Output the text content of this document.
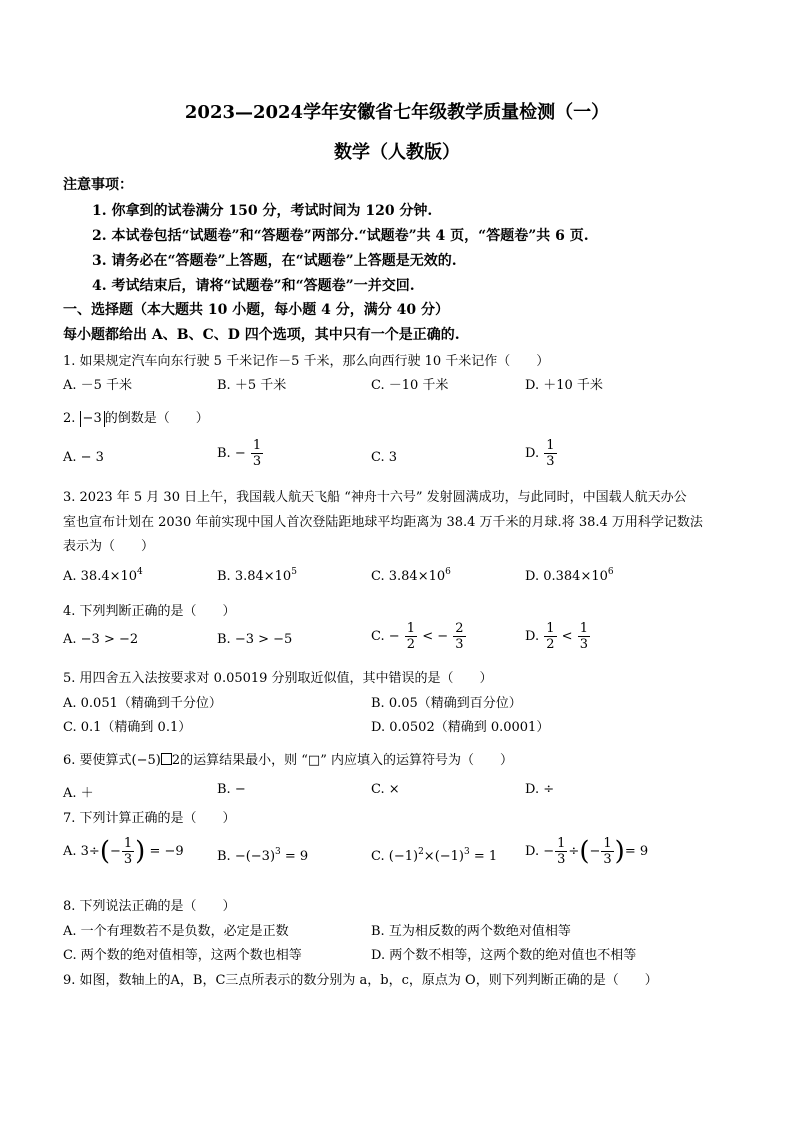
2023—2024学年安徽省七年级教学质量检测（一）
数学（人教版）
注意事项：
1. 你拿到的试卷满分 150 分，考试时间为 120 分钟.
2. 本试卷包括“试题卷”和“答题卷”两部分.“试题卷”共 4 页，“答题卷”共 6 页.
3. 请务必在“答题卷”上答题，在“试题卷”上答题是无效的.
4. 考试结束后，请将“试题卷”和“答题卷”一并交回.
一、选择题（本大题共 10 小题，每小题 4 分，满分 40 分）
每小题都给出 A、B、C、D 四个选项，其中只有一个是正确的.
1. 如果规定汽车向东行驶 5 千米记作－5 千米，那么向西行驶 10 千米记作（　　）
A. －5 千米	B. ＋5 千米	C. －10 千米	D. ＋10 千米
2. −3 的倒数是（　　）
A. − 3	B. − $\frac{1}{3}$	C. 3	D. $\frac{1}{3}$
3. 2023 年 5 月 30 日上午，我国载人航天飞船 “神舟十六号” 发射圆满成功，与此同时，中国载人航天办公
室也宣布计划在 2030 年前实现中国人首次登陆距地球平均距离为 38.4 万千米的月球.将 38.4 万用科学记数法
表示为（　　）
A. $38.4\times 10^4$	B. $3.84\times 10^5$	C. $3.84\times 10^6$	D. $0.384\times 10^6$
4. 下列判断正确的是（　　）
A. −3 > −2	B. −3 > −5	C. − $\frac{1}{2}$ < − $\frac{2}{3}$	D. $\frac{1}{2} < \frac{1}{3}$
5. 用四舍五入法按要求对 0.05019 分别取近似值，其中错误的是（　　）
A. 0.051（精确到千分位）	B. 0.05（精确到百分位）
C. 0.1（精确到 0.1）	D. 0.0502（精确到 0.0001）
6. 要使算式(−5) 2的运算结果最小，则 “□” 内应填入的运算符号为（　　）
A. ＋	B. −	C. ×	D. ÷
7. 下列计算正确的是（　　）
A. $3\div(- \frac{1}{3}$ ) = −9	B. $-(-3)^3 = 9$	C. $(-1)^2\times(-1)^3 = 1$ D. − $\frac{1}{3}$ ÷(− $\frac{1}{3}$ )= 9
8. 下列说法正确的是（　　）
A. 一个有理数若不是负数，必定是正数	B. 互为相反数的两个数绝对值相等
C. 两个数的绝对值相等，这两个数也相等	D. 两个数不相等，这两个数的绝对值也不相等
9. 如图，数轴上的A，B，C三点所表示的数分别为 a，b，c，原点为 O，则下列判断正确的是（　　）
